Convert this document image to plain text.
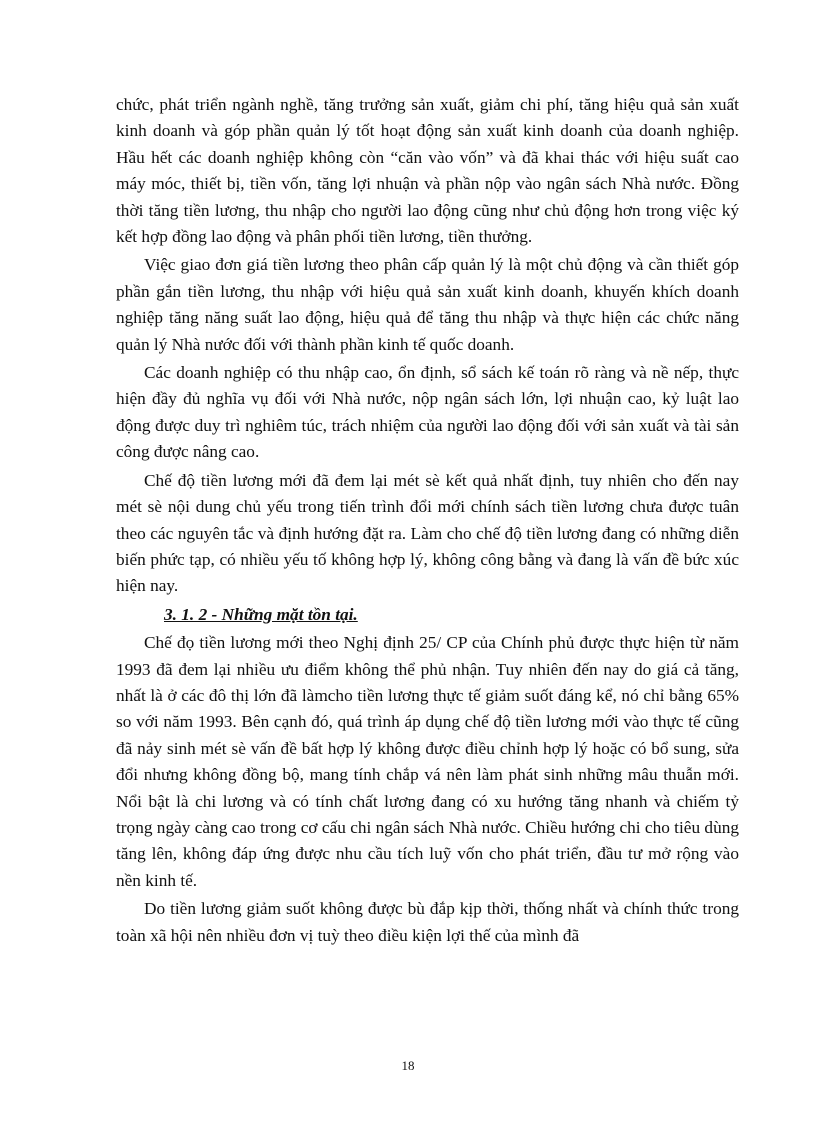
chức, phát triển ngành nghề, tăng trưởng sản xuất, giảm chi phí, tăng hiệu quả sản xuất kinh doanh và góp phần quản lý tốt hoạt động sản xuất kinh doanh của doanh nghiệp. Hầu hết các doanh nghiệp không còn “căn vào vốn” và đã khai thác với hiệu suất cao máy móc, thiết bị, tiền vốn, tăng lợi nhuận và phần nộp vào ngân sách Nhà nước. Đồng thời tăng tiền lương, thu nhập cho người lao động cũng như chủ động hơn trong việc ký kết hợp đồng lao động và phân phối tiền lương, tiền thưởng.

Việc giao đơn giá tiền lương theo phân cấp quản lý là một chủ động và cần thiết góp phần gắn tiền lương, thu nhập với hiệu quả sản xuất kinh doanh, khuyến khích doanh nghiệp tăng năng suất lao động, hiệu quả để tăng thu nhập và thực hiện các chức năng quản lý Nhà nước đối với thành phần kinh tế quốc doanh.

Các doanh nghiệp có thu nhập cao, ổn định, sổ sách kế toán rõ ràng và nề nếp, thực hiện đầy đủ nghĩa vụ đối với Nhà nước, nộp ngân sách lớn, lợi nhuận cao, kỷ luật lao động được duy trì nghiêm túc, trách nhiệm của người lao động đối với sản xuất và tài sản công được nâng cao.

Chế độ tiền lương mới đã đem lại mét sè kết quả nhất định, tuy nhiên cho đến nay mét sè nội dung chủ yếu trong tiến trình đổi mới chính sách tiền lương chưa được tuân theo các nguyên tắc và định hướng đặt ra. Làm cho chế độ tiền lương đang có những diễn biến phức tạp, có nhiều yếu tố không hợp lý, không công bằng và đang là vấn đề bức xúc hiện nay.

3. 1. 2 - Những mặt tồn tại.

Chế đọ tiền lương mới theo Nghị định 25/ CP của Chính phủ được thực hiện từ năm 1993 đã đem lại nhiều ưu điểm không thể phủ nhận. Tuy nhiên đến nay do giá cả tăng, nhất là ở các đô thị lớn đã làmcho tiền lương thực tế giảm suốt đáng kể, nó chỉ bằng 65% so với năm 1993. Bên cạnh đó, quá trình áp dụng chế độ tiền lương mới vào thực tế cũng đã nảy sinh mét sè vấn đề bất hợp lý không được điều chỉnh hợp lý hoặc có bổ sung, sửa đổi nhưng không đồng bộ, mang tính chắp vá nên làm phát sinh những mâu thuẫn mới. Nổi bật là chi lương và có tính chất lương đang có xu hướng tăng nhanh và chiếm tỷ trọng ngày càng cao trong cơ cấu chi ngân sách Nhà nước. Chiều hướng chi cho tiêu dùng tăng lên, không đáp ứng được nhu cầu tích luỹ vốn cho phát triển, đầu tư mở rộng vào nền kinh tế.

Do tiền lương giảm suốt không được bù đắp kịp thời, thống nhất và chính thức trong toàn xã hội nên nhiều đơn vị tuỳ theo điều kiện lợi thế của mình đã

18
